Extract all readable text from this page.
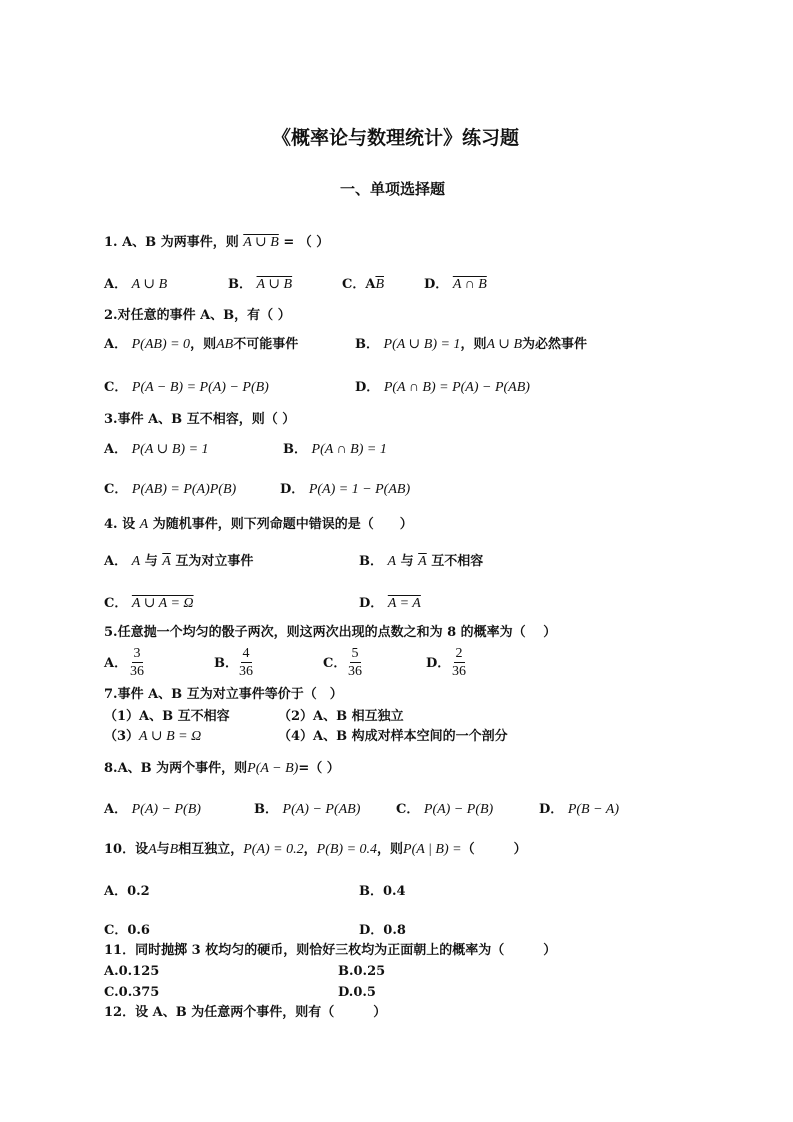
《概率论与数理统计》练习题
一、单项选择题
1. A、B 为两事件，则 A ∪ B = （ ）
A． A ∪ B	B． A ∪ B	C．$A\overline{B}$	D． A ∩ B
2.对任意的事件 A、B，有（ ）
A． P(AB) = 0，则AB不可能事件	B． P(A ∪ B) = 1，则A ∪ B为必然事件
C． P(A − B) = P(A) − P(B)	D． P(A ∩ B) = P(A) − P(AB)
3.事件 A、B 互不相容，则（ ）
A． P(A ∪ B) = 1	B． P(A ∩ B) = 1
C． P(AB) = P(A)P(B)	D． P(A) = 1 − P(AB)
4. 设 A 为随机事件，则下列命题中错误的是（　　）
A． A 与 $\overline{A}$ 互为对立事件	B． A 与 $\overline{A}$ 互不相容
C． A ∪ A = Ω	D． A = A
5.任意抛一个均匀的骰子两次，则这两次出现的点数之和为 8 的概率为（　 ）
A． $\frac{3}{36}$	B． $\frac{4}{36}$	C． $\frac{5}{36}$	D． $\frac{2}{36}$
7.事件 A、B 互为对立事件等价于（　）
（1）A、B 互不相容	（2）A、B 相互独立
（3）A ∪ B = Ω	（4）A、B 构成对样本空间的一个剖分
8.A、B 为两个事件，则P(A − B)=（ ）
A． P(A) − P(B)	B． P(A) − P(AB)	C． P(A) − P(B)	D． P(B − A)
10．设A与B相互独立，P(A) = 0.2，P(B) = 0.4，则P(A | B) =（　　　）
A．0.2	B．0.4
C．0.6	D．0.8
11．同时抛掷 3 枚均匀的硬币，则恰好三枚均为正面朝上的概率为（　　　）
A.0.125	B.0.25
C.0.375	D.0.5
12．设 A、B 为任意两个事件，则有（　　　）
